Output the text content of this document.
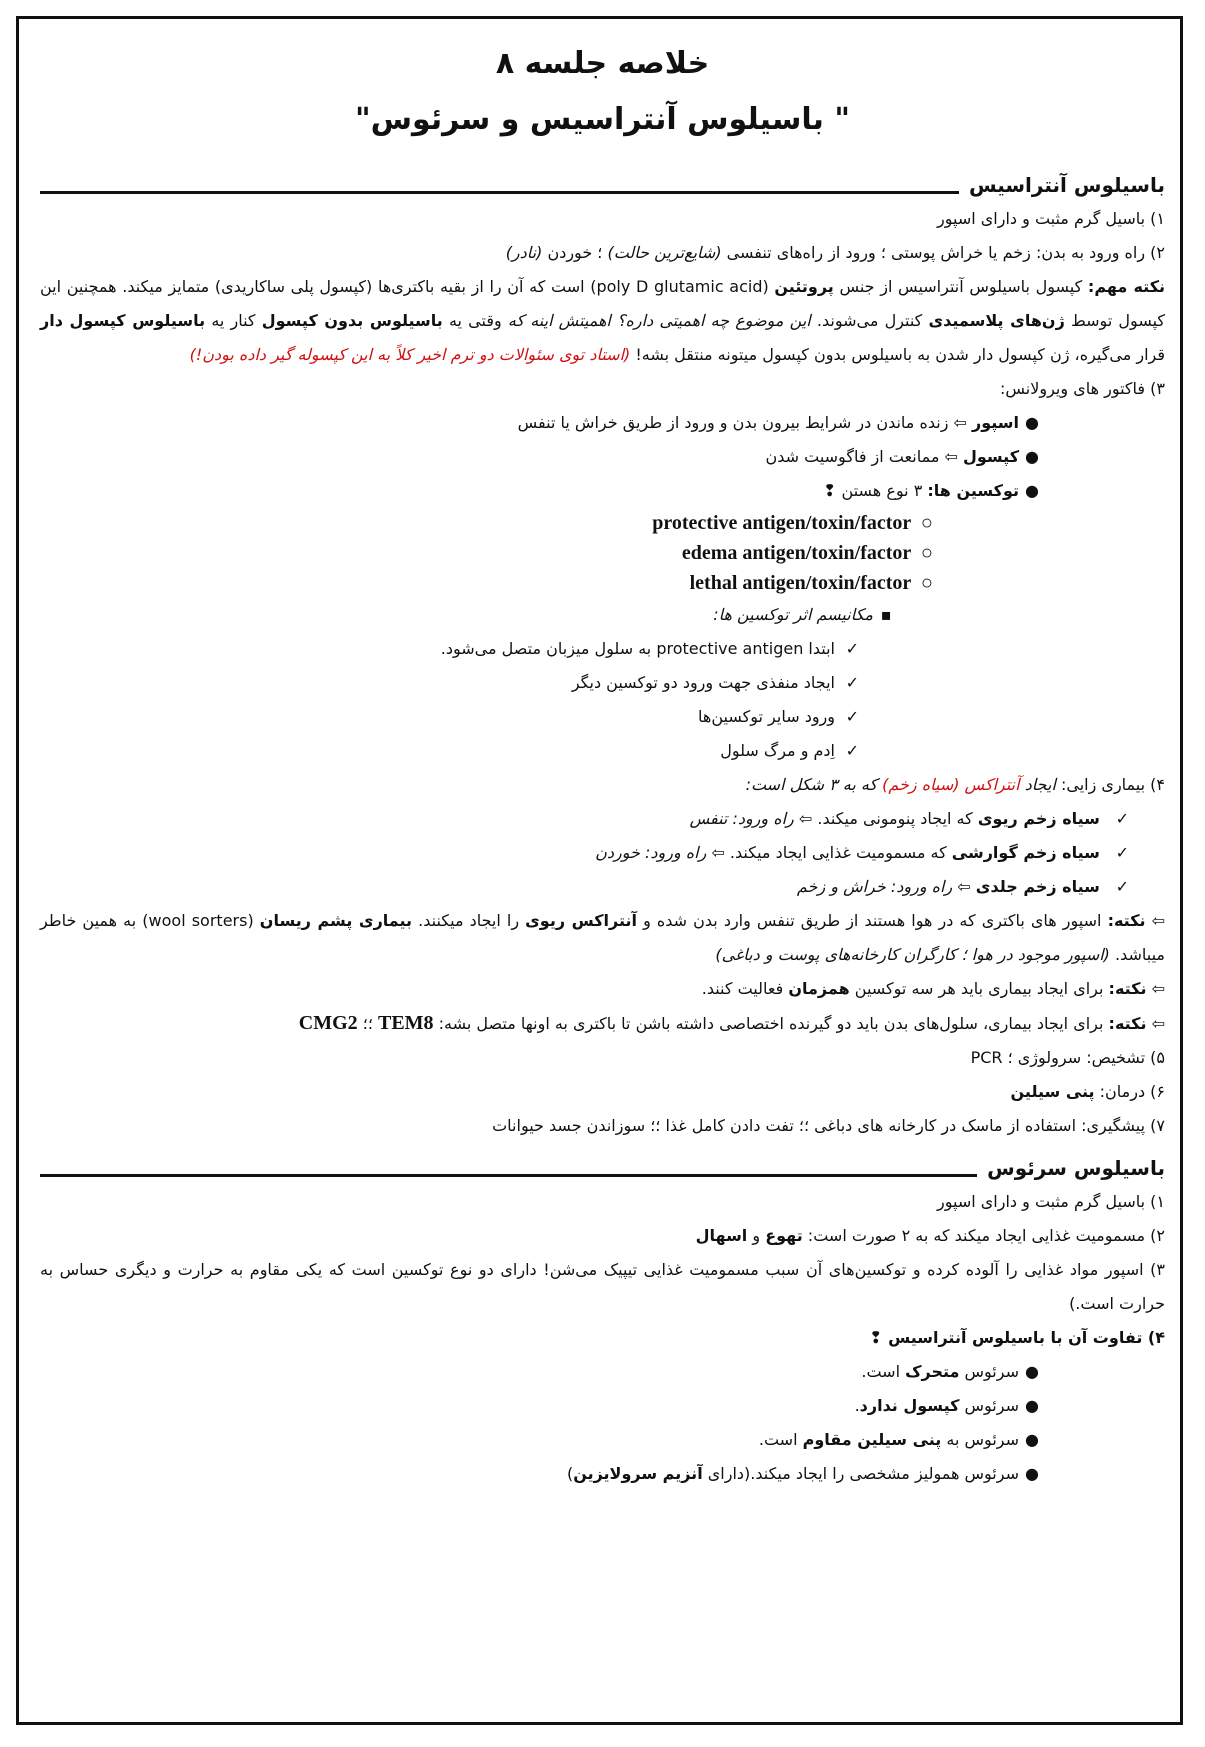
خلاصه جلسه ۸
" باسیلوس آنتراسیس و سرئوس"
باسیلوس آنتراسیس
۱) باسیل گرم مثبت و دارای اسپور
۲) راه ورود به بدن: زخم یا خراش پوستی ؛ ورود از راه‌های تنفسی (شایع‌ترین حالت) ؛ خوردن (نادر)
نکته مهم: کپسول باسیلوس آنتراسیس از جنس پروتئین (poly D glutamic acid) است که آن را از بقیه باکتری‌ها (کپسول پلی ساکاریدی) متمایز میکند. همچنین این کپسول توسط ژن‌های پلاسمیدی کنترل می‌شوند. این موضوع چه اهمیتی داره؟ اهمیتش اینه که وقتی یه باسیلوس بدون کپسول کنار یه باسیلوس کپسول دار قرار می‌گیره، ژن کپسول دار شدن به باسیلوس بدون کپسول میتونه منتقل بشه! (استاد توی سئوالات دو ترم اخیر کلاً به این کپسوله گیر داده بودن!)
۳) فاکتور های ویرولانس:
●اسپور ⇦ زنده ماندن در شرایط بیرون بدن و ورود از طریق خراش یا تنفس
●کپسول ⇦ ممانعت از فاگوسیت شدن
●توکسین ها: ۳ نوع هستن ❢
protective antigen/toxin/factor  ○
edema antigen/toxin/factor  ○
lethal antigen/toxin/factor  ○
▪مکانیسم اثر توکسین ها:
✓ابتدا protective antigen به سلول میزبان متصل می‌شود.
✓ایجاد منفذی جهت ورود دو توکسین دیگر
✓ورود سایر توکسین‌ها
✓اِدم و مرگ سلول
۴) بیماری زایی: ایجاد آنتراکس (سیاه زخم) که به ۳ شکل است:
✓ سیاه زخم ریوی که ایجاد پنومونی میکند. ⇦ راه ورود: تنفس
✓ سیاه زخم گوارشی که مسمومیت غذایی ایجاد میکند. ⇦ راه ورود: خوردن
✓ سیاه زخم جلدی ⇦ راه ورود: خراش و زخم
⇦ نکته: اسپور های باکتری که در هوا هستند از طریق تنفس وارد بدن شده و آنتراکس ریوی را ایجاد میکنند. بیماری پشم ریسان (wool sorters) به همین خاطر میباشد. (اسپور موجود در هوا ؛ کارگران کارخانه‌های پوست و دباغی)
⇦ نکته: برای ایجاد بیماری باید هر سه توکسین همزمان فعالیت کنند.
⇦ نکته: برای ایجاد بیماری، سلول‌های بدن باید دو گیرنده اختصاصی داشته باشن تا باکتری به اونها متصل بشه: TEM8 ؛؛ CMG2
۵) تشخیص: سرولوژی ؛ PCR
۶) درمان: پنی سیلین
۷) پیشگیری: استفاده از ماسک در کارخانه های دباغی ؛؛ تفت دادن کامل غذا ؛؛ سوزاندن جسد حیوانات
باسیلوس سرئوس
۱) باسیل گرم مثبت و دارای اسپور
۲) مسمومیت غذایی ایجاد میکند که به ۲ صورت است: تهوع و اسهال
۳) اسپور مواد غذایی را آلوده کرده و توکسین‌های آن سبب مسمومیت غذایی تیپیک می‌شن! دارای دو نوع توکسین است که یکی مقاوم به حرارت و دیگری حساس به حرارت است.)
۴) تفاوت آن با باسیلوس آنتراسیس ❢
●سرئوس متحرک است.
●سرئوس کپسول ندارد.
●سرئوس به پنی سیلین مقاوم است.
●سرئوس همولیز مشخصی را ایجاد میکند.(دارای آنزیم سرولایزین)
